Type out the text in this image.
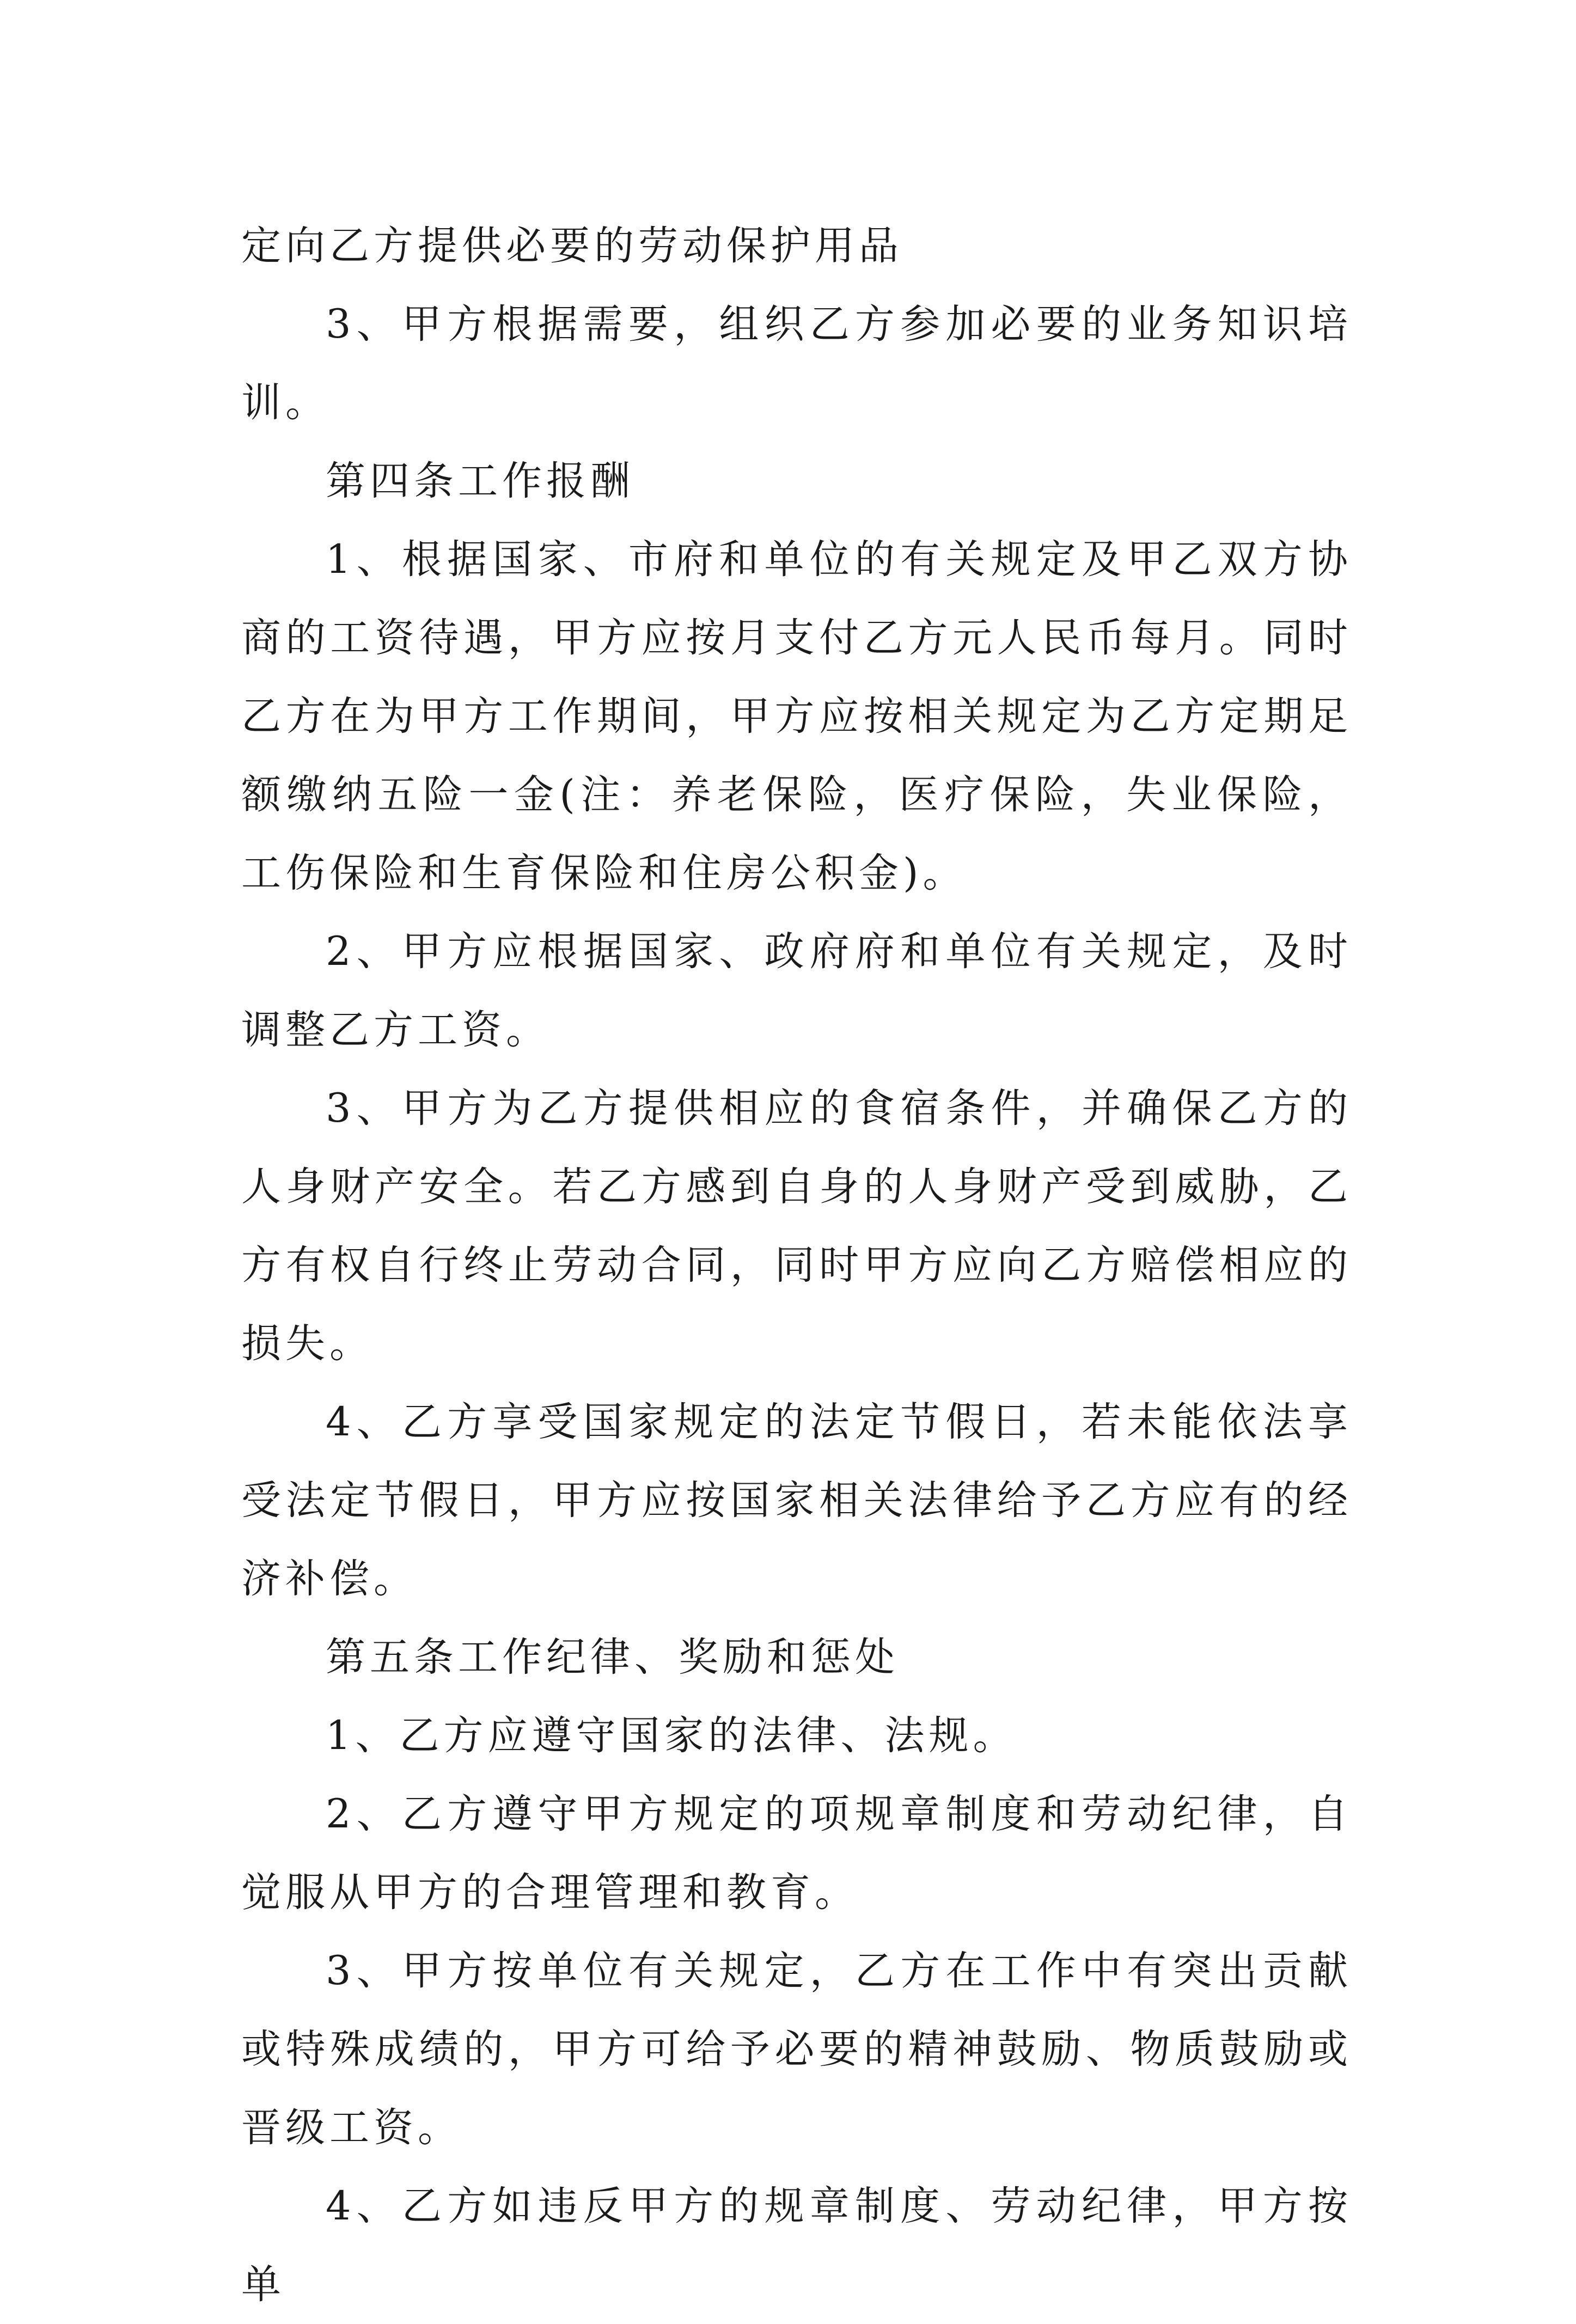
定向乙方提供必要的劳动保护用品

3、甲方根据需要，组织乙方参加必要的业务知识培训。

第四条工作报酬

1、根据国家、市府和单位的有关规定及甲乙双方协商的工资待遇，甲方应按月支付乙方元人民币每月。同时乙方在为甲方工作期间，甲方应按相关规定为乙方定期足额缴纳五险一金(注：养老保险，医疗保险，失业保险，工伤保险和生育保险和住房公积金)。

2、甲方应根据国家、政府府和单位有关规定，及时调整乙方工资。

3、甲方为乙方提供相应的食宿条件，并确保乙方的人身财产安全。若乙方感到自身的人身财产受到威胁，乙方有权自行终止劳动合同，同时甲方应向乙方赔偿相应的损失。

4、乙方享受国家规定的法定节假日，若未能依法享受法定节假日，甲方应按国家相关法律给予乙方应有的经济补偿。

第五条工作纪律、奖励和惩处

1、乙方应遵守国家的法律、法规。

2、乙方遵守甲方规定的项规章制度和劳动纪律，自觉服从甲方的合理管理和教育。

3、甲方按单位有关规定，乙方在工作中有突出贡献或特殊成绩的，甲方可给予必要的精神鼓励、物质鼓励或晋级工资。

4、乙方如违反甲方的规章制度、劳动纪律，甲方按单
